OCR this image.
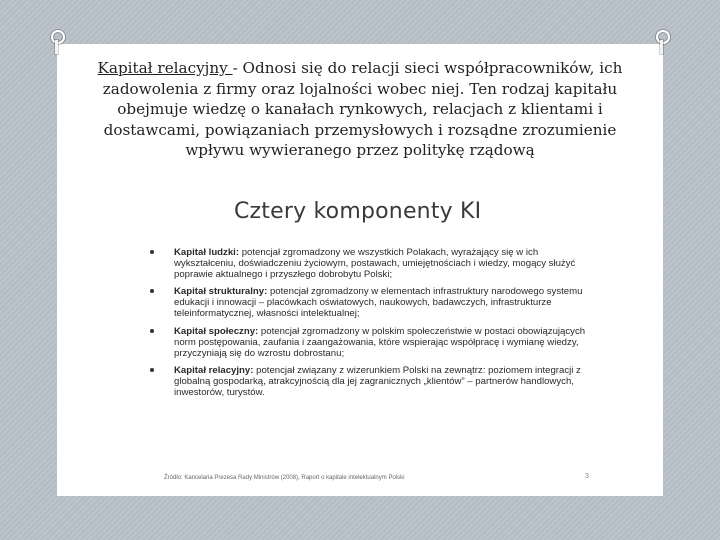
Kapitał relacyjny - Odnosi się do relacji sieci współpracowników, ich zadowolenia z firmy oraz lojalności wobec niej. Ten rodzaj kapitału obejmuje wiedzę o kanałach rynkowych, relacjach z klientami i dostawcami, powiązaniach przemysłowych i rozsądne zrozumienie wpływu wywieranego przez politykę rządową
Cztery komponenty KI
Kapitał ludzki: potencjał zgromadzony we wszystkich Polakach, wyrażający się w ich wykształceniu, doświadczeniu życiowym, postawach, umiejętnościach i wiedzy, mogący służyć poprawie aktualnego i przyszłego dobrobytu Polski;
Kapitał strukturalny: potencjał zgromadzony w elementach infrastruktury narodowego systemu edukacji i innowacji – placówkach oświatowych, naukowych, badawczych, infrastrukturze teleinformatycznej, własności intelektualnej;
Kapitał społeczny: potencjał zgromadzony w polskim społeczeństwie w postaci obowiązujących norm postępowania, zaufania i zaangażowania, które wspierając współpracę i wymianę wiedzy, przyczyniają się do wzrostu dobrostanu;
Kapitał relacyjny: potencjał związany z wizerunkiem Polski na zewnątrz: poziomem integracji z globalną gospodarką, atrakcyjnością dla jej zagranicznych „klientów” – partnerów handlowych, inwestorów, turystów.
Źródło: Kancelaria Prezesa Rady Ministrów (2008), Raport o kapitale intelektualnym Polski	3
